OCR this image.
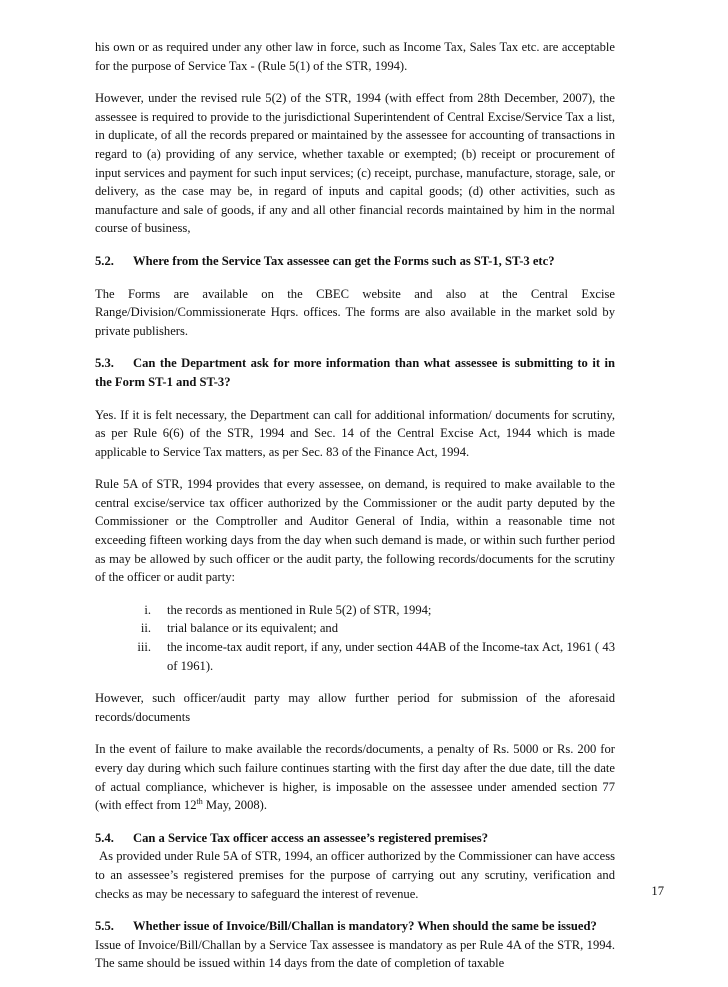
his own or as required under any other law in force, such as Income Tax, Sales Tax etc. are acceptable for the purpose of Service Tax - (Rule 5(1) of the STR, 1994).

However, under the revised rule 5(2) of the STR, 1994 (with effect from 28th December, 2007), the assessee is required to provide to the jurisdictional Superintendent of Central Excise/Service Tax a list, in duplicate, of all the records prepared or maintained by the assessee for accounting of transactions in regard to (a) providing of any service, whether taxable or exempted; (b) receipt or procurement of input services and payment for such input services; (c) receipt, purchase, manufacture, storage, sale, or delivery, as the case may be, in regard of inputs and capital goods; (d) other activities, such as manufacture and sale of goods, if any and all other financial records maintained by him in the normal course of business,

5.2. Where from the Service Tax assessee can get the Forms such as ST-1, ST-3 etc?

The Forms are available on the CBEC website and also at the Central Excise Range/Division/Commissionerate Hqrs. offices. The forms are also available in the market sold by private publishers.

5.3. Can the Department ask for more information than what assessee is submitting to it in the Form ST-1 and ST-3?

Yes. If it is felt necessary, the Department can call for additional information/ documents for scrutiny, as per Rule 6(6) of the STR, 1994 and Sec. 14 of the Central Excise Act, 1944 which is made applicable to Service Tax matters, as per Sec. 83 of the Finance Act, 1994.

Rule 5A of STR, 1994 provides that every assessee, on demand, is required to make available to the central excise/service tax officer authorized by the Commissioner or the audit party deputed by the Commissioner or the Comptroller and Auditor General of India, within a reasonable time not exceeding fifteen working days from the day when such demand is made, or within such further period as may be allowed by such officer or the audit party, the following records/documents for the scrutiny of the officer or audit party:

i. the records as mentioned in Rule 5(2) of STR, 1994;
ii. trial balance or its equivalent; and
iii. the income-tax audit report, if any, under section 44AB of the Income-tax Act, 1961 ( 43 of 1961).

However, such officer/audit party may allow further period for submission of the aforesaid records/documents

In the event of failure to make available the records/documents, a penalty of Rs. 5000 or Rs. 200 for every day during which such failure continues starting with the first day after the due date, till the date of actual compliance, whichever is higher, is imposable on the assessee under amended section 77 (with effect from 12th May, 2008).

5.4. Can a Service Tax officer access an assessee’s registered premises?

As provided under Rule 5A of STR, 1994, an officer authorized by the Commissioner can have access to an assessee’s registered premises for the purpose of carrying out any scrutiny, verification and checks as may be necessary to safeguard the interest of revenue.

5.5. Whether issue of Invoice/Bill/Challan is mandatory? When should the same be issued?

Issue of Invoice/Bill/Challan by a Service Tax assessee is mandatory as per Rule 4A of the STR, 1994. The same should be issued within 14 days from the date of completion of taxable

17
